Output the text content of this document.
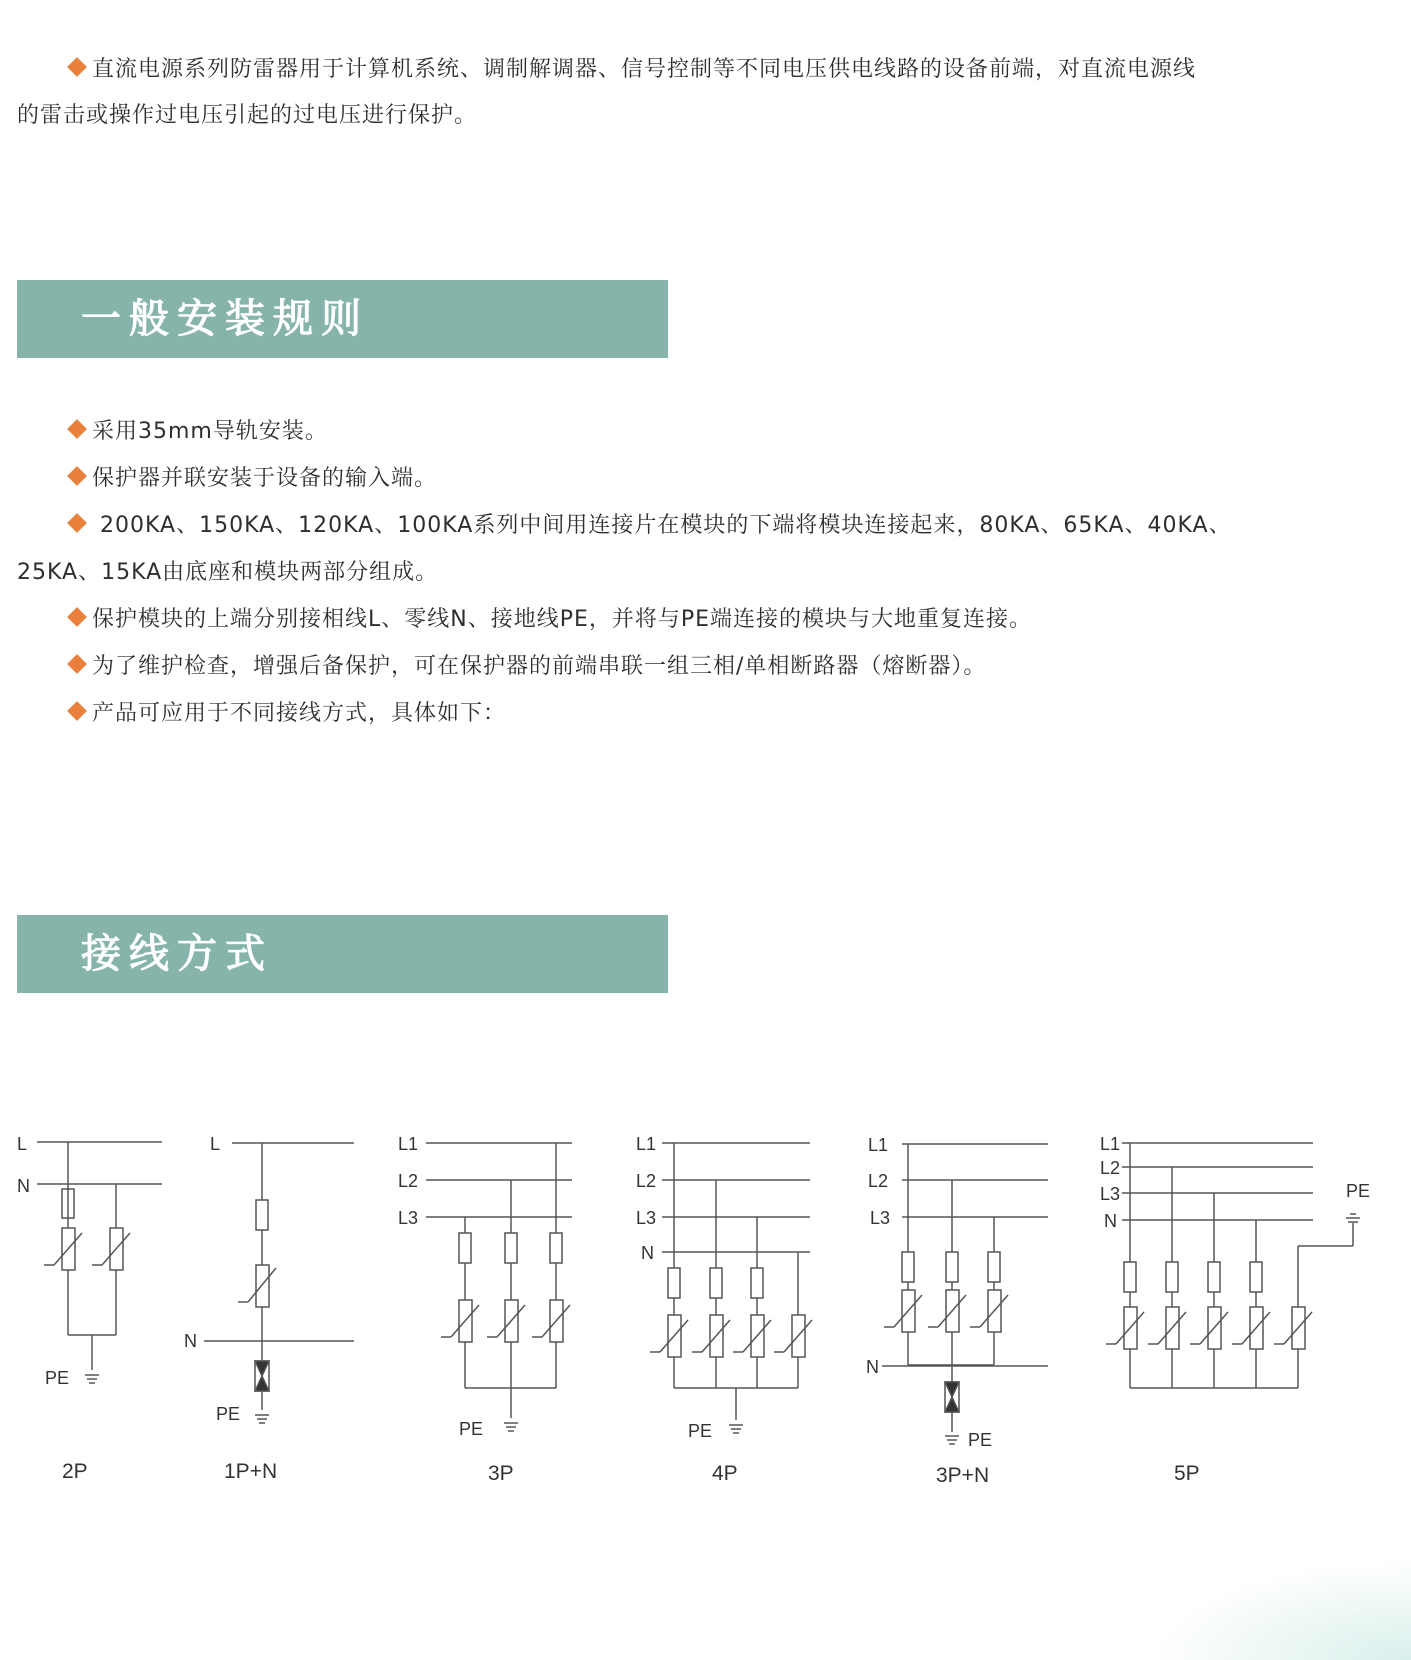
直流电源系列防雷器用于计算机系统、调制解调器、信号控制等不同电压供电线路的设备前端，对直流电源线
的雷击或操作过电压引起的过电压进行保护。
一般安装规则
采用35mm导轨安装。
保护器并联安装于设备的输入端。
200KA、150KA、120KA、100KA系列中间用连接片在模块的下端将模块连接起来，80KA、65KA、40KA、
25KA、15KA由底座和模块两部分组成。
保护模块的上端分别接相线L、零线N、接地线PE，并将与PE端连接的模块与大地重复连接。
为了维护检查，增强后备保护，可在保护器的前端串联一组三相/单相断路器（熔断器）。
产品可应用于不同接线方式，具体如下：
接线方式
L
N
PE
2P
L
N
PE
1P+N
L1
L2
L3
PE
3P
L1
L2
L3
N
PE
4P
L1
L2
L3
N
PE
3P+N
L1
L2
L3
N
PE
5P
